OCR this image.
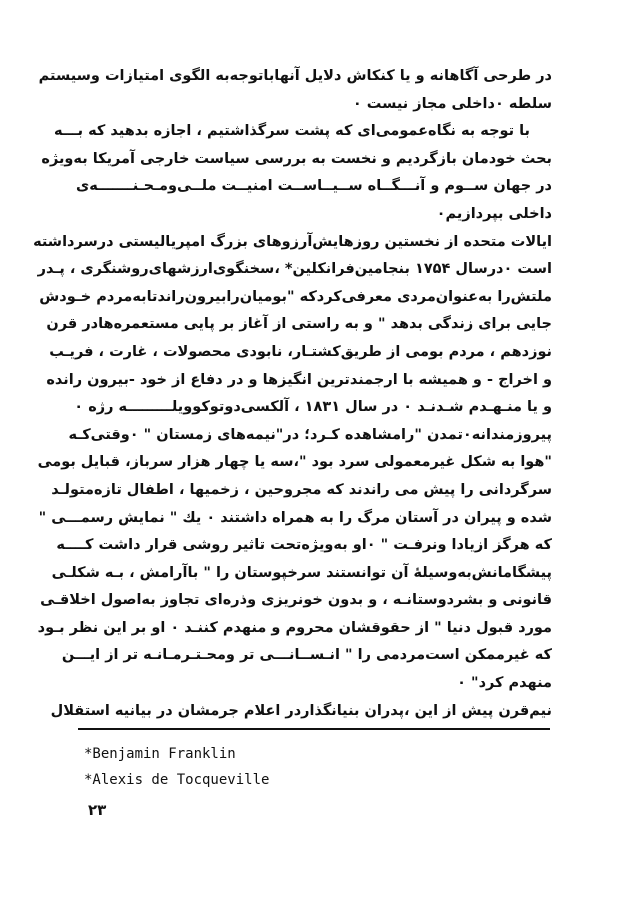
در طرحی آگاهانه و یا کنکاش دلایل آنهاباتوجه‌به الگوی امتیازات وسیستم
سلطه ٠داخلی مجاز نیست ٠
با توجه به نگاه‌عمومی‌ای که پشت سرگذاشتیم ، اجازه بدهید که بـــه
بحث خودمان بازگردیم و نخست به بررسی سیاست خارجی آمریکا به‌ویژه
در جهان ســوم و آنـــگــاه ســیــاســت امنیــت ملــی‌ومـحـنـــــــه‌ی
داخلی بپردازیم٠
ایالات متحده از نخستین روزهایش‌آرزوهای بزرگ امپریالیستی درسرداشته
است ٠درسال ۱۷۵۴ بنجامین‌فرانکلین* ،سخنگوی‌ارزشهای‌روشنگری ، پـدر
ملتش‌را به‌عنوان‌مردی معرفی‌کردکه "بومیان‌رابیرون‌راندتابه‌مردم خـودش
جایی برای زندگی بدهد " و به راستی از آغاز بر پایی مستعمره‌هادر قرن
نوزدهم ، مردم بومی از طریق‌کشتـار، نابودی محصولات ، غارت ، فریـب
و اخراج - و همیشه با ارجمندترین انگیزها و در دفاع از خود -بیرون رانده
و یا منـهـدم شـدنـد ٠ در سال ۱۸۳۱ ، آلکسی‌دوتوکوویلـــــــــه رژه ٠
پیروزمندانه٠تمدن "رامشاهده کـرد؛ در"نیمه‌های زمستان " ٠وقتی‌کـه
"هوا به شکل غیرمعمولی سرد بود "،سه یا چهار هزار سرباز، قبایل بومی
سرگردانی را پیش می راندند که مجروحین ، زخمیها ، اطفال تازه‌متولـد
شده و پیران در آستان مرگ را به همراه داشتند ٠ یك " نمایش رسمـــی "
که هرگز ازیادا ونرفـت " ٠او به‌ویژه‌تحت تاثیر روشی قرار داشت کــــه
پیشگامانش‌به‌وسیلهٔ آن توانستند سرخپوستان را " باآرامش ، بـه شکلـی
قانونی و بشردوستانـه ، و بدون خونریزی وذره‌ای تجاوز به‌اصول اخلاقـی
مورد قبول دنیا " از حقوقشان محروم و منهدم کننـد ٠ او بر این نظر بـود
که غیرممکن است‌مردمی را " انـســانـــی تر ومحـتـرمـانـه تر از ایـــن
منهدم کرد" ٠
نیم‌قرن پیش از این ،پدران بنیانگذاردر اعلام جرمشان در بیانیه استقلال
*Benjamin Franklin
*Alexis de Tocqueville
۲۳
